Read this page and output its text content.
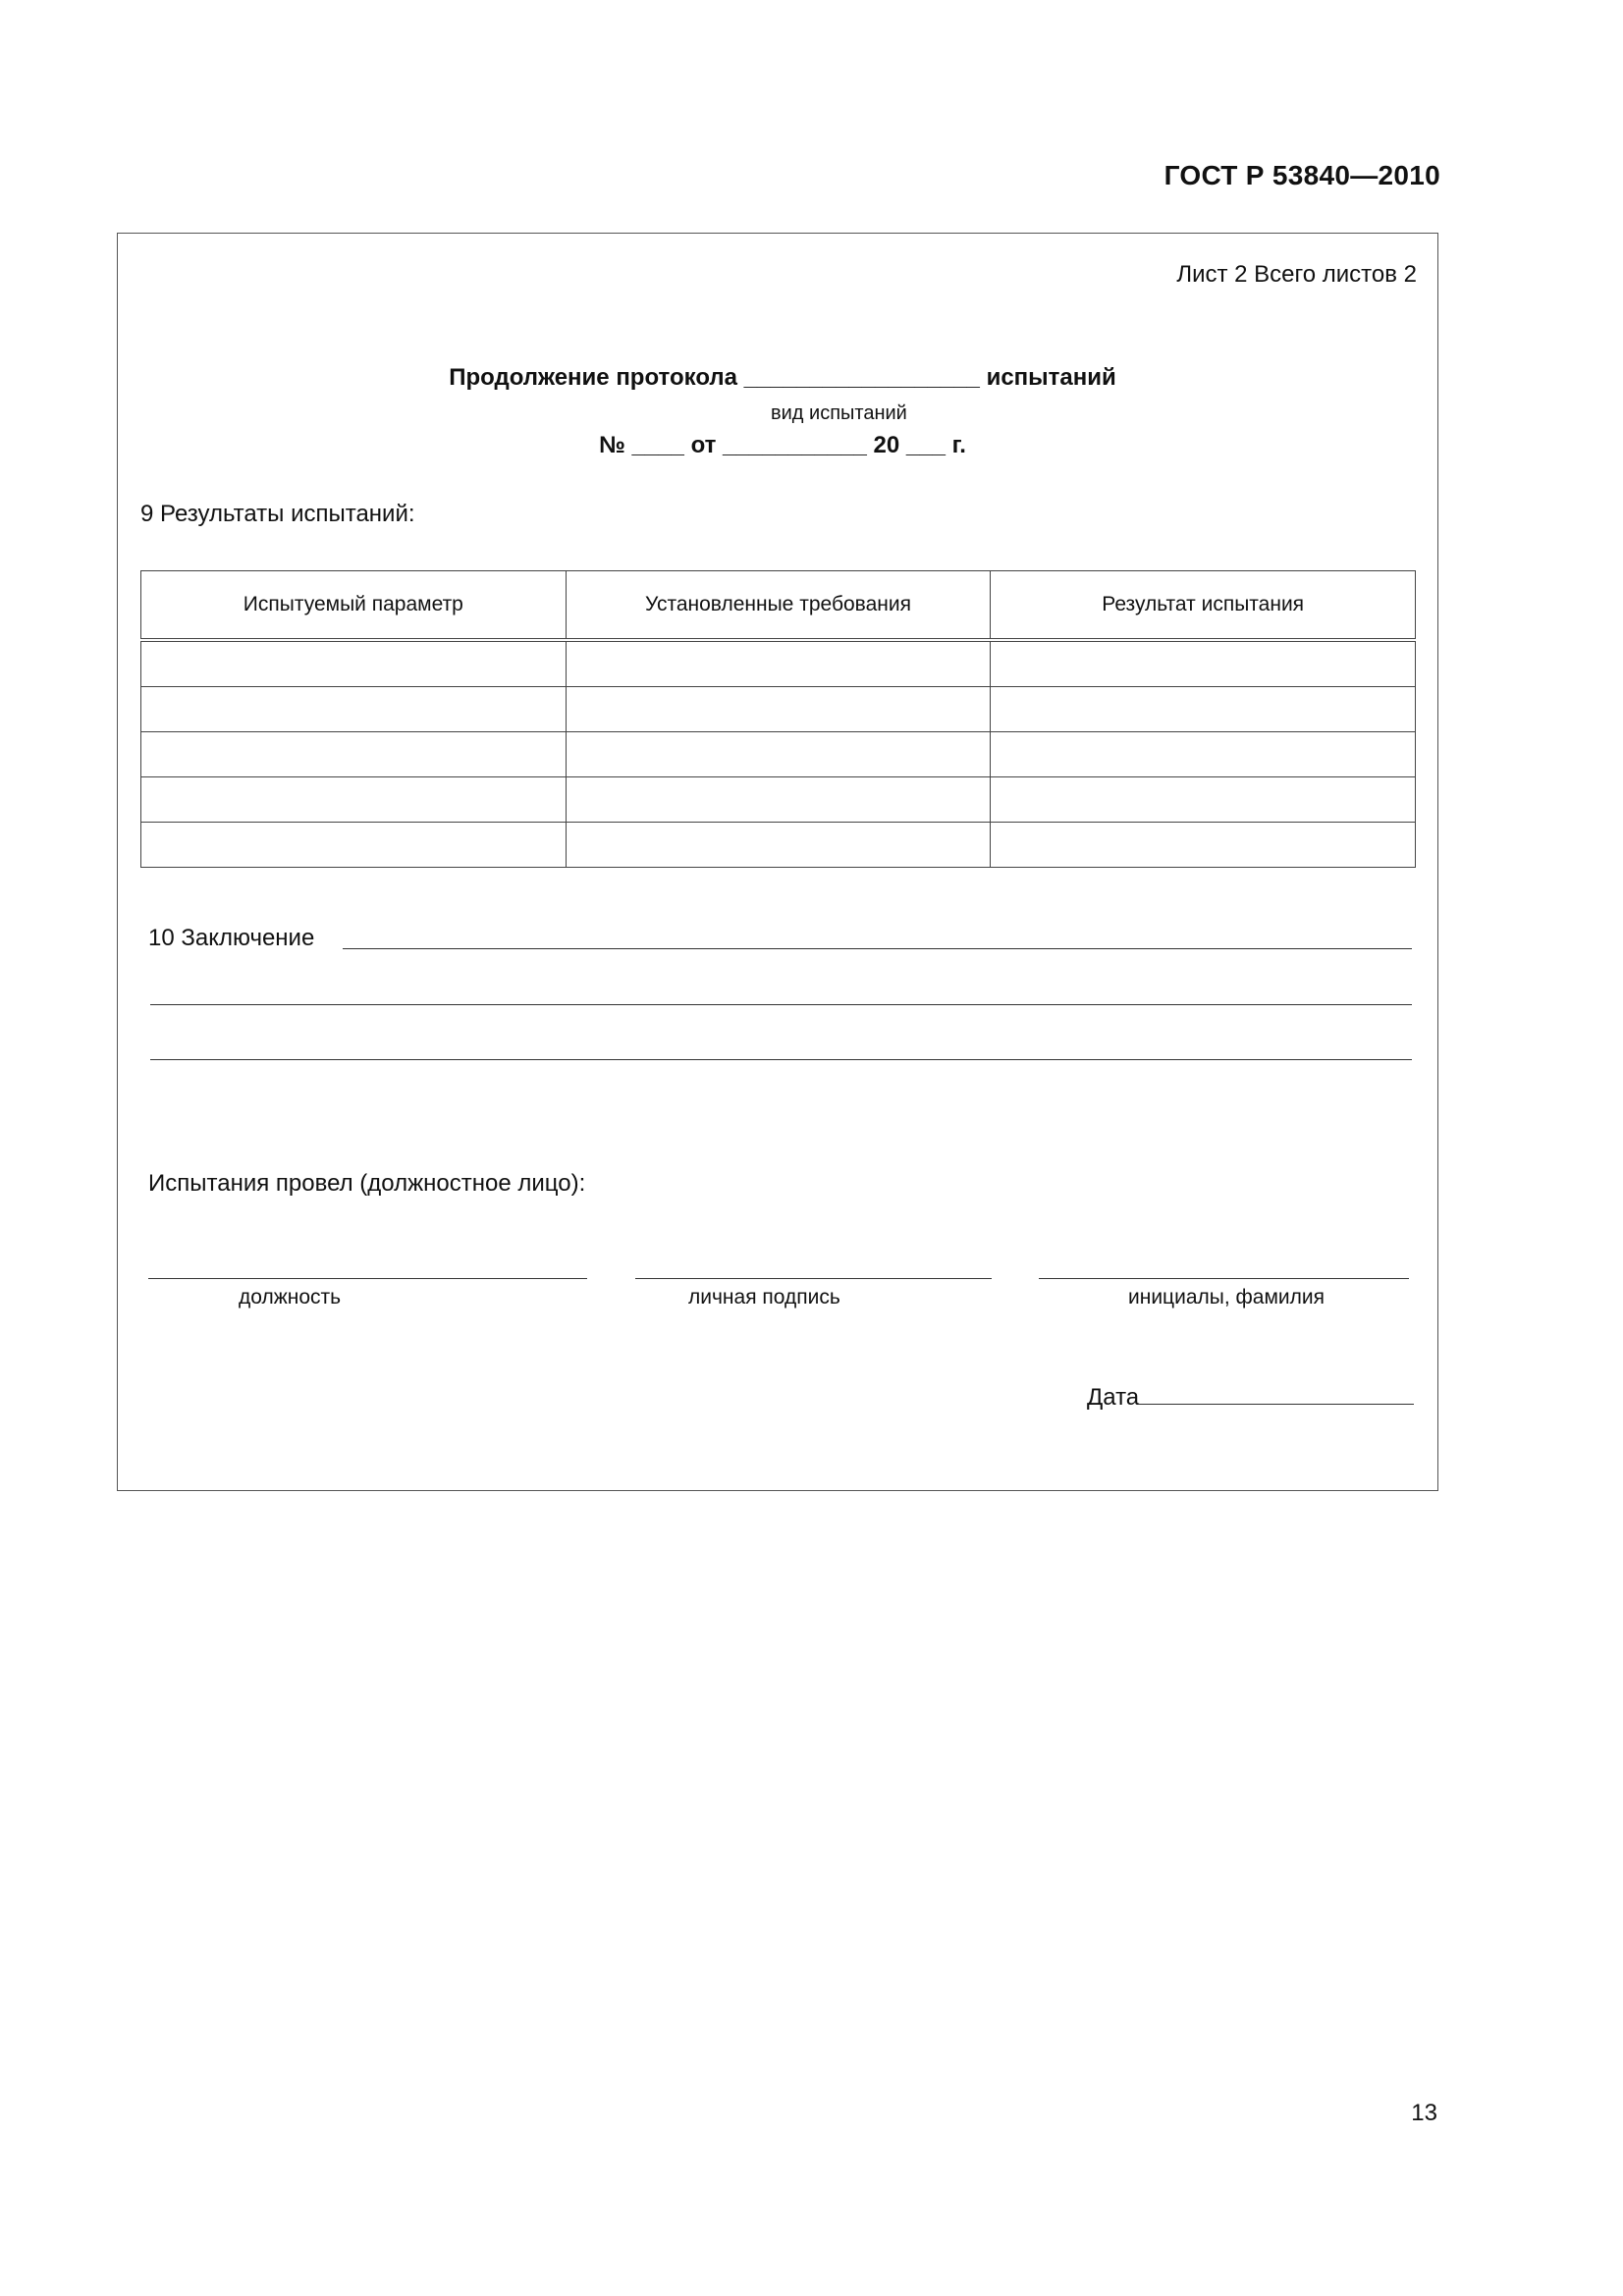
ГОСТ Р 53840—2010
Лист 2 Всего листов 2
Продолжение протокола __________________ испытаний
вид испытаний
№ ____ от ___________ 20 ___ г.
9 Результаты испытаний:
Испытуемый параметр	Установленные требования	Результат испытания

10 Заключение
Испытания провел (должностное лицо):
должность	личная подпись	инициалы, фамилия
Дата
13
